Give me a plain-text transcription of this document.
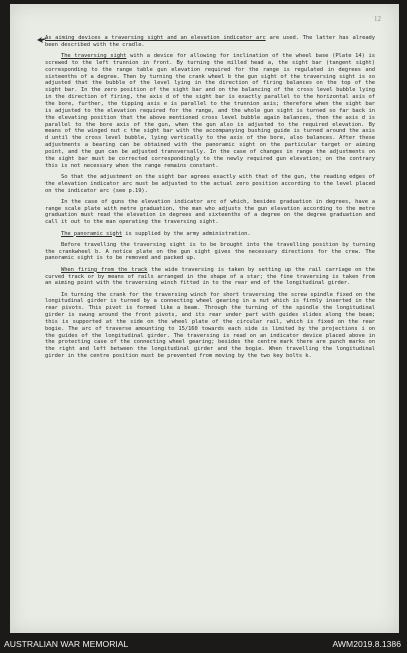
12

As aiming devices a traversing sight and an elevation indicator arc are used. The latter has already been described with the cradle.

The traversing sight with a device for allowing for inclination of the wheel base (Plate 14) is screwed to the left trunnion in front. By turning the milled head a, the sight bar (tangent sight) corresponding to the range table gun elevation required for the range is regulated in degrees and sixteenths of a degree. Then by turning the crank wheel b the gun sight of the traversing sight is so adjusted that the bubble of the level lying in the direction of firing balances on the top of the sight bar. In the zero position of the sight bar and on the balancing of the cross level bubble lying in the direction of firing, the axis d of the sight bar is exactly parallel to the horizontal axis of the bore, further, the tipping axis e is parallel to the trunnion axis; therefore when the sight bar is adjusted to the elevation required for the range, and the whole gun sight is turned so far back in the elevating position that the above mentioned cross level bubble again balances, then the axis d is parallel to the bore axis of the gun, when the gun also is adjusted to the required elevation. By means of the winged nut c the sight bar with the accompanying bushing guide is turned around the axis d until the cross level bubble, lying vertically to the axis of the bore, also balances. After these adjustments a bearing can be obtained with the panoramic sight on the particular target or aiming point, and the gun can be adjusted transversally. In the case of changes in range the adjustments on the sight bar must be corrected correspondingly to the newly required gun elevation; on the contrary this is not necessary when the range remains constant.

So that the adjustment on the sight bar agrees exactly with that of the gun, the reading edges of the elevation indicator arc must be adjusted to the actual zero position according to the level placed on the indicator arc (see p.19).

In the case of guns the elevation indicator arc of which, besides graduation in degrees, have a range scale plate with metre graduation, the man who adjusts the gun elevation according to the metre graduation must read the elevation in degrees and sixteenths of a degree on the degree graduation and call it out to the man operating the traversing sight.

The panoramic sight is supplied by the army administration.

Before travelling the traversing sight is to be brought into the travelling position by turning the crankwheel b. A notice plate on the gun sight gives the necessary directions for the crew. The panoramic sight is to be removed and packed up.

When firing from the track the wide traversing is taken by setting up the rail carriage on the curved track or by means of rails arranged in the shape of a star; the fine traversing is taken from an aiming point with the traversing winch fitted in to the rear end of the longitudinal girder.

In turning the crank for the traversing winch for short traversing the screw spindle fixed on the longitudinal girder is turned by a connecting wheel gearing in a nut which is firmly inserted in the rear pivots. This pivot is formed like a beam. Through the turning of the spindle the longitudinal girder is swung around the front pivots, and its rear under part with guides slides along the beam; this is supported at the side on the wheel plate of the circular rail, which is fixed on the rear bogie. The arc of traverse amounting to 15/160 towards each side is limited by the projections i on the guides of the longitudinal girder. The traversing is read on an indicator device placed above in the protecting case of the connecting wheel gearing; besides the centre mark there are punch marks on the right and left between the longitudinal girder and the bogie. When travelling the longitudinal girder in the centre position must be prevented from moving by the two key bolts k.

AUSTRALIAN WAR MEMORIAL	AWM2019.8.1386
